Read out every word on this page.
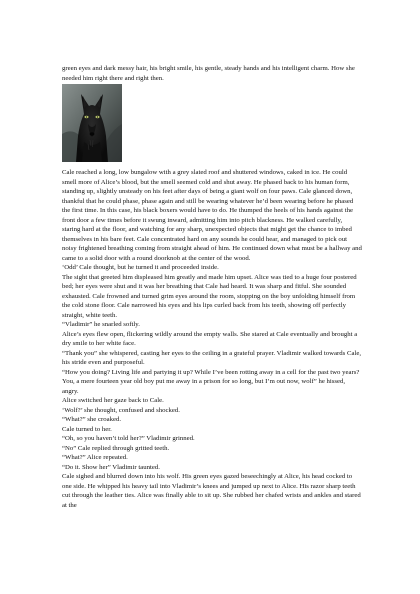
green eyes and dark messy hair, his bright smile, his gentle, steady hands and his intelligent charm. How she needed him right there and right then.

Cale reached a long, low bungalow with a grey slated roof and shuttered windows, caked in ice. He could smell more of Alice’s blood, but the smell seemed cold and shut away. He phased back to his human form, standing up, slightly unsteady on his feet after days of being a giant wolf on four paws. Cale glanced down, thankful that he could phase, phase again and still be wearing whatever he’d been wearing before he phased the first time. In this case, his black boxers would have to do. He thumped the heels of his hands against the front door a few times before it swung inward, admitting him into pitch blackness. He walked carefully, staring hard at the floor, and watching for any sharp, unexpected objects that might get the chance to imbed themselves in his bare feet. Cale concentrated hard on any sounds he could hear, and managed to pick out noisy frightened breathing coming from straight ahead of him. He continued down what must be a hallway and came to a solid door with a round doorknob at the center of the wood.

‘Odd’ Cale thought, but he turned it and proceeded inside.

The sight that greeted him displeased him greatly and made him upset. Alice was tied to a huge four postered bed; her eyes were shut and it was her breathing that Cale had heard. It was sharp and fitful. She sounded exhausted. Cale frowned and turned grim eyes around the room, stopping on the boy unfolding himself from the cold stone floor. Cale narrowed his eyes and his lips curled back from his teeth, showing off perfectly straight, white teeth.

“Vladimir” he snarled softly.

Alice’s eyes flew open, flickering wildly around the empty walls. She stared at Cale eventually and brought a dry smile to her white face.

“Thank you” she whispered, casting her eyes to the ceiling in a grateful prayer. Vladimir walked towards Cale, his stride even and purposeful.

“How you doing? Living life and partying it up? While I’ve been rotting away in a cell for the past two years? You, a mere fourteen year old boy put me away in a prison for so long, but I’m out now, wolf” he hissed, angry.

Alice switched her gaze back to Cale.

‘Wolf?’ she thought, confused and shocked.

“What?” she croaked.

Cale turned to her.

“Oh, so you haven’t told her?” Vladimir grinned.

“No” Cale replied through gritted teeth.

“What?” Alice repeated.

“Do it. Show her” Vladimir taunted.

Cale sighed and blurred down into his wolf. His green eyes gazed beseechingly at Alice, his head cocked to one side. He whipped his heavy tail into Vladimir’s knees and jumped up next to Alice. His razor sharp teeth cut through the leather ties. Alice was finally able to sit up. She rubbed her chafed wrists and ankles and stared at the
